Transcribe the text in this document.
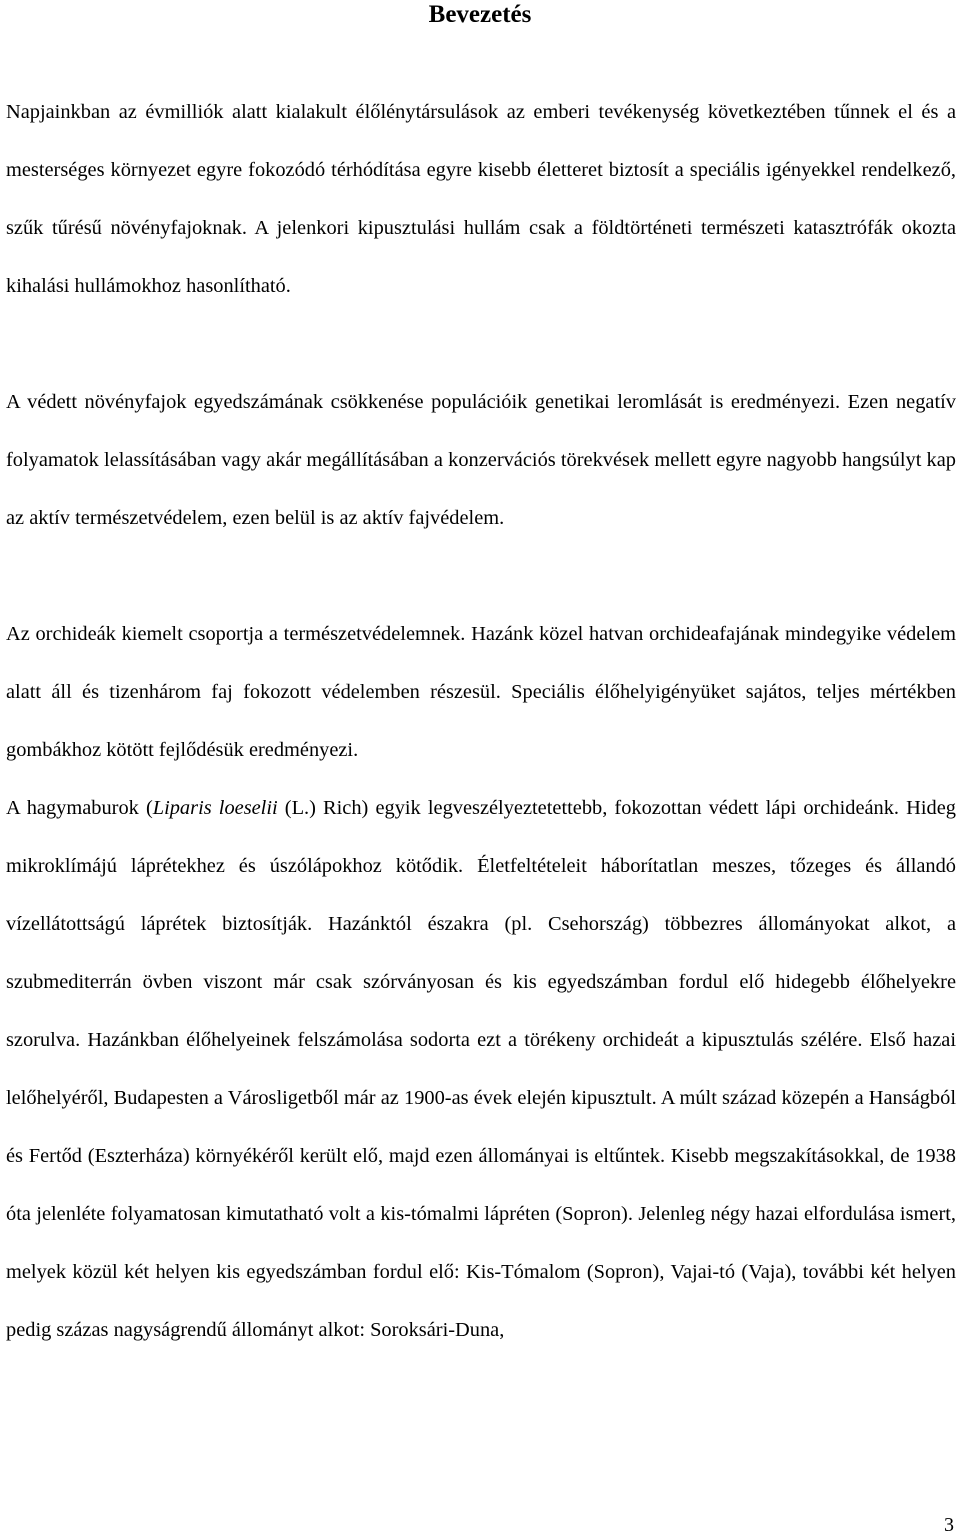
Bevezetés

Napjainkban az évmilliók alatt kialakult élőlénytársulások az emberi tevékenység következtében tűnnek el és a mesterséges környezet egyre fokozódó térhódítása egyre kisebb életteret biztosít a speciális igényekkel rendelkező, szűk tűrésű növényfajoknak. A jelenkori kipusztulási hullám csak a földtörténeti természeti katasztrófák okozta kihalási hullámokhoz hasonlítható.

A védett növényfajok egyedszámának csökkenése populációik genetikai leromlását is eredményezi. Ezen negatív folyamatok lelassításában vagy akár megállításában a konzervációs törekvések mellett egyre nagyobb hangsúlyt kap az aktív természetvédelem, ezen belül is az aktív fajvédelem.

Az orchideák kiemelt csoportja a természetvédelemnek. Hazánk közel hatvan orchideafajának mindegyike védelem alatt áll és tizenhárom faj fokozott védelemben részesül. Speciális élőhelyigényüket sajátos, teljes mértékben gombákhoz kötött fejlődésük eredményezi.

A hagymaburok (Liparis loeselii (L.) Rich) egyik legveszélyeztetettebb, fokozottan védett lápi orchideánk. Hideg mikroklímájú láprétekhez és úszólápokhoz kötődik. Életfeltételeit háborítatlan meszes, tőzeges és állandó vízellátottságú láprétek biztosítják. Hazánktól északra (pl. Csehország) többezres állományokat alkot, a szubmediterrán övben viszont már csak szórványosan és kis egyedszámban fordul elő hidegebb élőhelyekre szorulva. Hazánkban élőhelyeinek felszámolása sodorta ezt a törékeny orchideát a kipusztulás szélére. Első hazai lelőhelyéről, Budapesten a Városligetből már az 1900-as évek elején kipusztult. A múlt század közepén a Hanságból és Fertőd (Eszterháza) környékéről került elő, majd ezen állományai is eltűntek. Kisebb megszakításokkal, de 1938 óta jelenléte folyamatosan kimutatható volt a kis-tómalmi lápréten (Sopron). Jelenleg négy hazai elfordulása ismert, melyek közül két helyen kis egyedszámban fordul elő: Kis-Tómalom (Sopron), Vajai-tó (Vaja), további két helyen pedig százas nagyságrendű állományt alkot: Soroksári-Duna,

3
